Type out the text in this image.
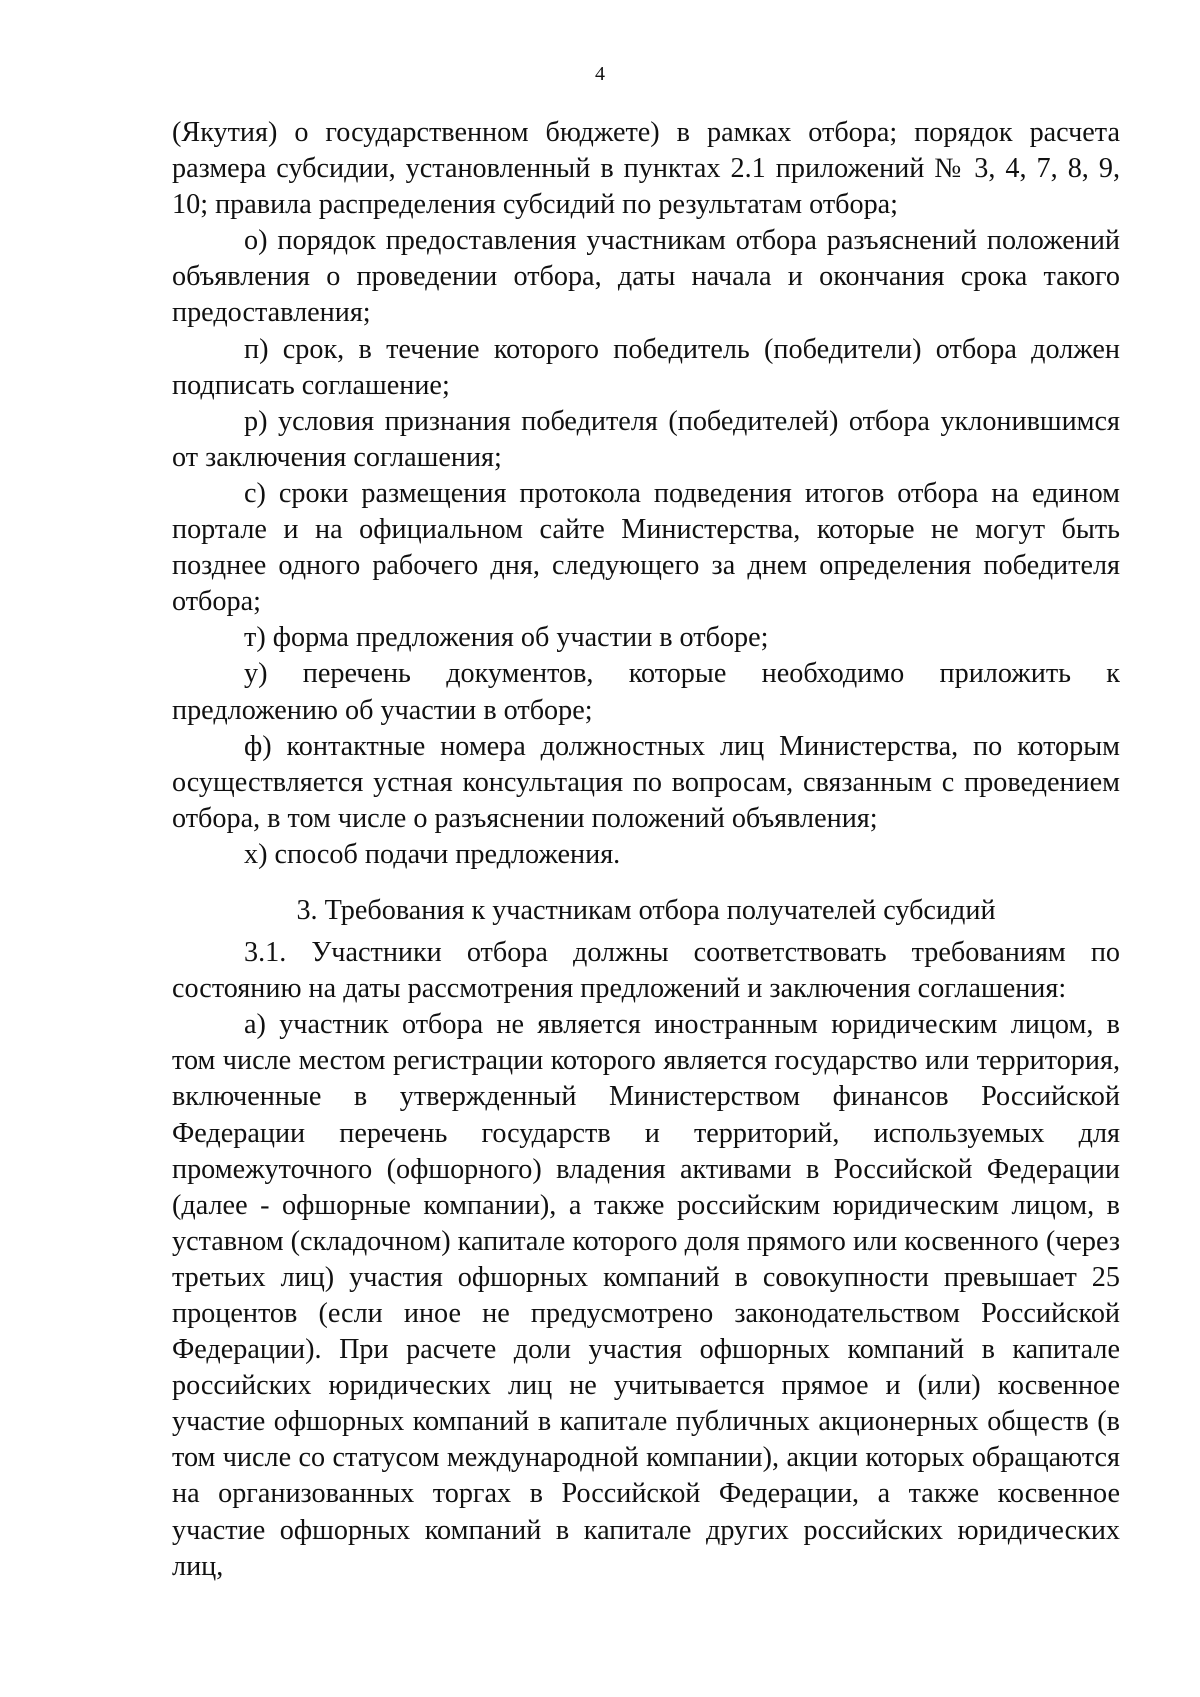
4

(Якутия) о государственном бюджете) в рамках отбора; порядок расчета размера субсидии, установленный в пунктах 2.1 приложений № 3, 4, 7, 8, 9, 10; правила распределения субсидий по результатам отбора;

о) порядок предоставления участникам отбора разъяснений положений объявления о проведении отбора, даты начала и окончания срока такого предоставления;

п) срок, в течение которого победитель (победители) отбора должен подписать соглашение;

р) условия признания победителя (победителей) отбора уклонившимся от заключения соглашения;

с) сроки размещения протокола подведения итогов отбора на едином портале и на официальном сайте Министерства, которые не могут быть позднее одного рабочего дня, следующего за днем определения победителя отбора;

т) форма предложения об участии в отборе;

у) перечень документов, которые необходимо приложить к предложению об участии в отборе;

ф) контактные номера должностных лиц Министерства, по которым осуществляется устная консультация по вопросам, связанным с проведением отбора, в том числе о разъяснении положений объявления;

х) способ подачи предложения.

3. Требования к участникам отбора получателей субсидий

3.1. Участники отбора должны соответствовать требованиям по состоянию на даты рассмотрения предложений и заключения соглашения:

а) участник отбора не является иностранным юридическим лицом, в том числе местом регистрации которого является государство или территория, включенные в утвержденный Министерством финансов Российской Федерации перечень государств и территорий, используемых для промежуточного (офшорного) владения активами в Российской Федерации (далее - офшорные компании), а также российским юридическим лицом, в уставном (складочном) капитале которого доля прямого или косвенного (через третьих лиц) участия офшорных компаний в совокупности превышает 25 процентов (если иное не предусмотрено законодательством Российской Федерации). При расчете доли участия офшорных компаний в капитале российских юридических лиц не учитывается прямое и (или) косвенное участие офшорных компаний в капитале публичных акционерных обществ (в том числе со статусом международной компании), акции которых обращаются на организованных торгах в Российской Федерации, а также косвенное участие офшорных компаний в капитале других российских юридических лиц,
